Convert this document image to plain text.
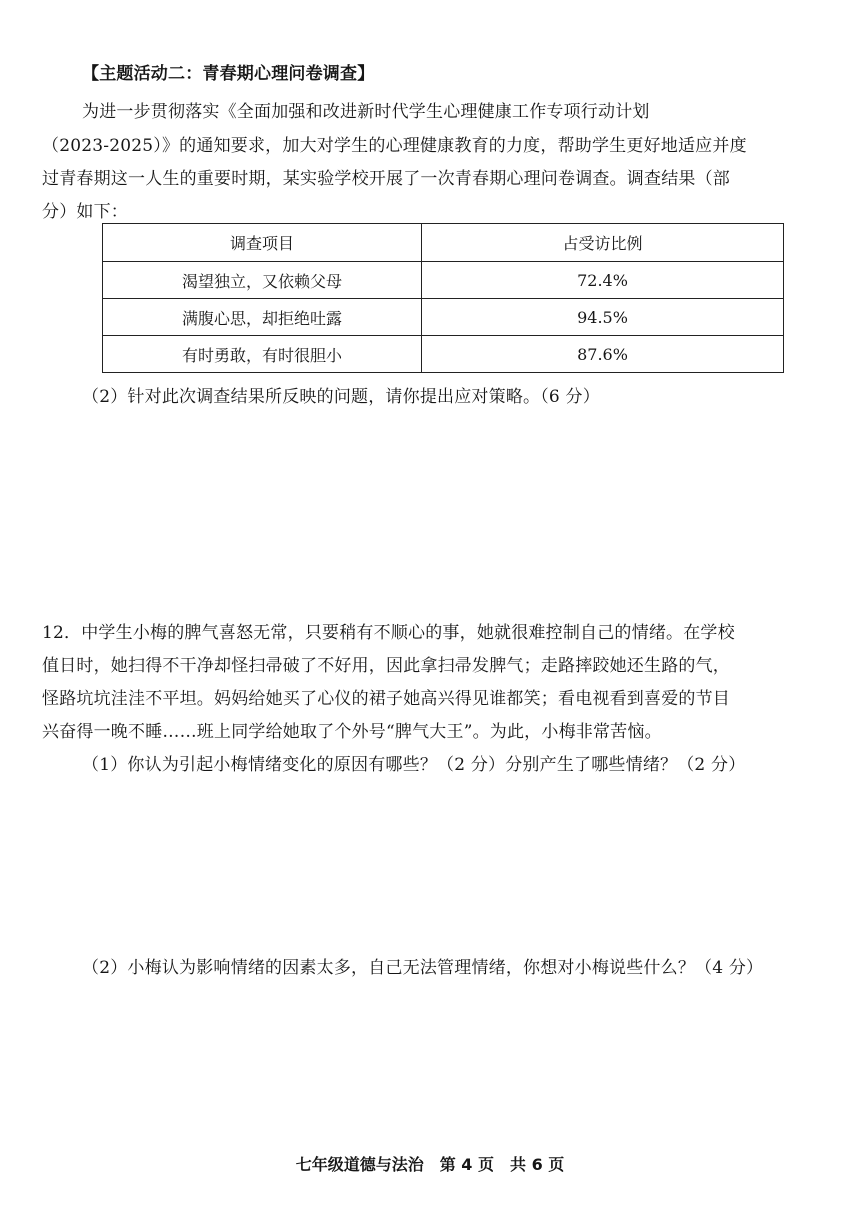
【主题活动二：青春期心理问卷调查】
为进一步贯彻落实《全面加强和改进新时代学生心理健康工作专项行动计划
（2023-2025）》的通知要求，加大对学生的心理健康教育的力度，帮助学生更好地适应并度
过青春期这一人生的重要时期，某实验学校开展了一次青春期心理问卷调查。调查结果（部
分）如下：
调查项目	占受访比例
渴望独立，又依赖父母	72.4%
满腹心思，却拒绝吐露	94.5%
有时勇敢，有时很胆小	87.6%
（2）针对此次调查结果所反映的问题，请你提出应对策略。（6 分）
12．中学生小梅的脾气喜怒无常，只要稍有不顺心的事，她就很难控制自己的情绪。在学校
值日时，她扫得不干净却怪扫帚破了不好用，因此拿扫帚发脾气；走路摔跤她还生路的气，
怪路坑坑洼洼不平坦。妈妈给她买了心仪的裙子她高兴得见谁都笑；看电视看到喜爱的节目
兴奋得一晚不睡……班上同学给她取了个外号“脾气大王”。为此，小梅非常苦恼。
（1）你认为引起小梅情绪变化的原因有哪些？（2 分）分别产生了哪些情绪？（2 分）
（2）小梅认为影响情绪的因素太多，自己无法管理情绪，你想对小梅说些什么？（4 分）
七年级道德与法治　第 4 页　共 6 页
